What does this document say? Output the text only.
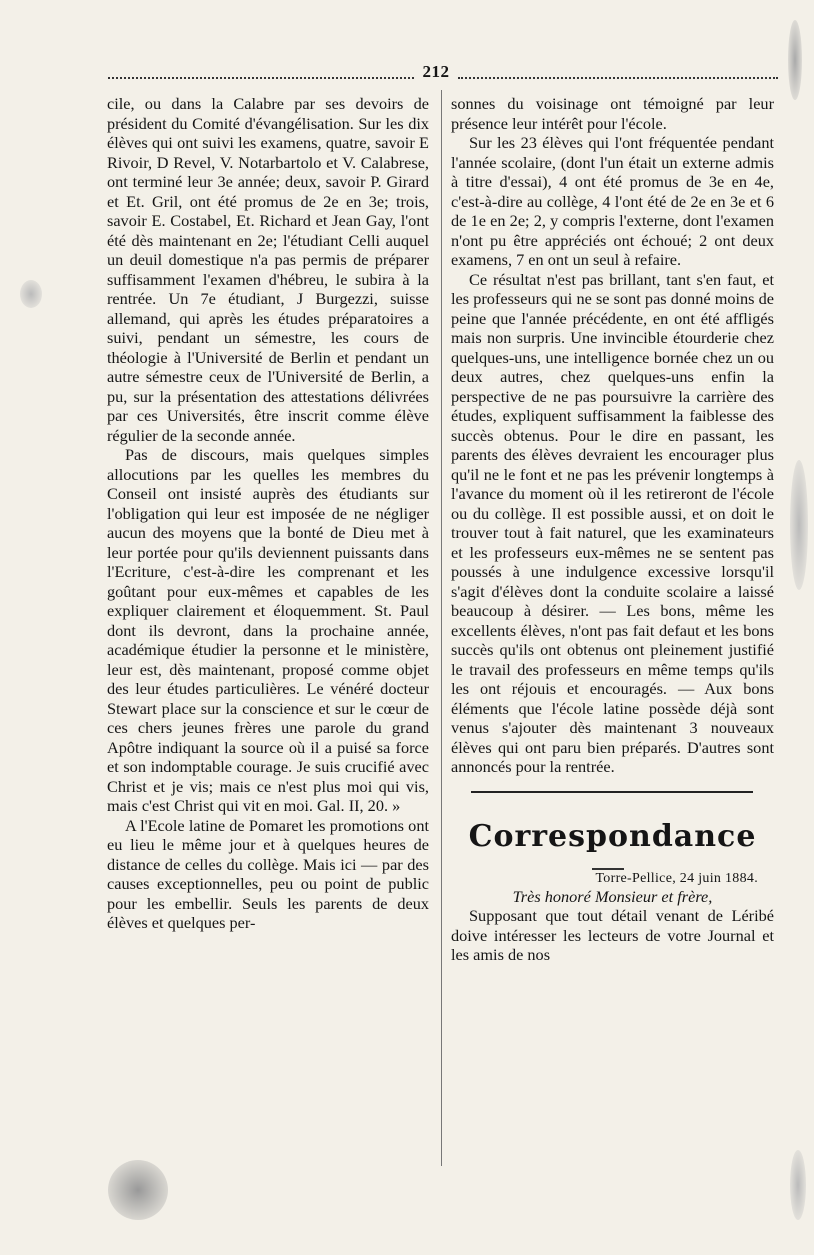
212

cile, ou dans la Calabre par ses devoirs de président du Comité d'évangélisation. Sur les dix élèves qui ont suivi les examens, quatre, savoir E Rivoir, D Revel, V. Notarbartolo et V. Calabrese, ont terminé leur 3e année; deux, savoir P. Girard et Et. Gril, ont été promus de 2e en 3e; trois, savoir E. Costabel, Et. Richard et Jean Gay, l'ont été dès maintenant en 2e; l'étudiant Celli auquel un deuil domestique n'a pas permis de préparer suffisamment l'examen d'hébreu, le subira à la rentrée. Un 7e étudiant, J Burgezzi, suisse allemand, qui après les études préparatoires a suivi, pendant un sémestre, les cours de théologie à l'Université de Berlin et pendant un autre sémestre ceux de l'Université de Berlin, a pu, sur la présentation des attestations délivrées par ces Universités, être inscrit comme élève régulier de la seconde année.

Pas de discours, mais quelques simples allocutions par les quelles les membres du Conseil ont insisté auprès des étudiants sur l'obligation qui leur est imposée de ne négliger aucun des moyens que la bonté de Dieu met à leur portée pour qu'ils deviennent puissants dans l'Ecriture, c'est-à-dire les comprenant et les goûtant pour eux-mêmes et capables de les expliquer clairement et éloquemment. St. Paul dont ils devront, dans la prochaine année, académique étudier la personne et le ministère, leur est, dès maintenant, proposé comme objet des leur études particulières. Le vénéré docteur Stewart place sur la conscience et sur le cœur de ces chers jeunes frères une parole du grand Apôtre indiquant la source où il a puisé sa force et son indomptable courage. Je suis crucifié avec Christ et je vis; mais ce n'est plus moi qui vis, mais c'est Christ qui vit en moi. Gal. II, 20. »

A l'Ecole latine de Pomaret les promotions ont eu lieu le même jour et à quelques heures de distance de celles du collège. Mais ici — par des causes exceptionnelles, peu ou point de public pour les embellir. Seuls les parents de deux élèves et quelques per-

sonnes du voisinage ont témoigné par leur présence leur intérêt pour l'école.

Sur les 23 élèves qui l'ont fréquentée pendant l'année scolaire, (dont l'un était un externe admis à titre d'essai), 4 ont été promus de 3e en 4e, c'est-à-dire au collège, 4 l'ont été de 2e en 3e et 6 de 1e en 2e; 2, y compris l'externe, dont l'examen n'ont pu être appréciés ont échoué; 2 ont deux examens, 7 en ont un seul à refaire.

Ce résultat n'est pas brillant, tant s'en faut, et les professeurs qui ne se sont pas donné moins de peine que l'année précédente, en ont été affligés mais non surpris. Une invincible étourderie chez quelques-uns, une intelligence bornée chez un ou deux autres, chez quelques-uns enfin la perspective de ne pas poursuivre la carrière des études, expliquent suffisamment la faiblesse des succès obtenus. Pour le dire en passant, les parents des élèves devraient les encourager plus qu'il ne le font et ne pas les prévenir longtemps à l'avance du moment où il les retireront de l'école ou du collège. Il est possible aussi, et on doit le trouver tout à fait naturel, que les examinateurs et les professeurs eux-mêmes ne se sentent pas poussés à une indulgence excessive lorsqu'il s'agit d'élèves dont la conduite scolaire a laissé beaucoup à désirer. — Les bons, même les excellents élèves, n'ont pas fait defaut et les bons succès qu'ils ont obtenus ont pleinement justifié le travail des professeurs en même temps qu'ils les ont réjouis et encouragés. — Aux bons éléments que l'école latine possède déjà sont venus s'ajouter dès maintenant 3 nouveaux élèves qui ont paru bien préparés. D'autres sont annoncés pour la rentrée.

Correspondance
Torre-Pellice, 24 juin 1884.

Très honoré Monsieur et frère,

Supposant que tout détail venant de Léribé doive intéresser les lecteurs de votre Journal et les amis de nos
